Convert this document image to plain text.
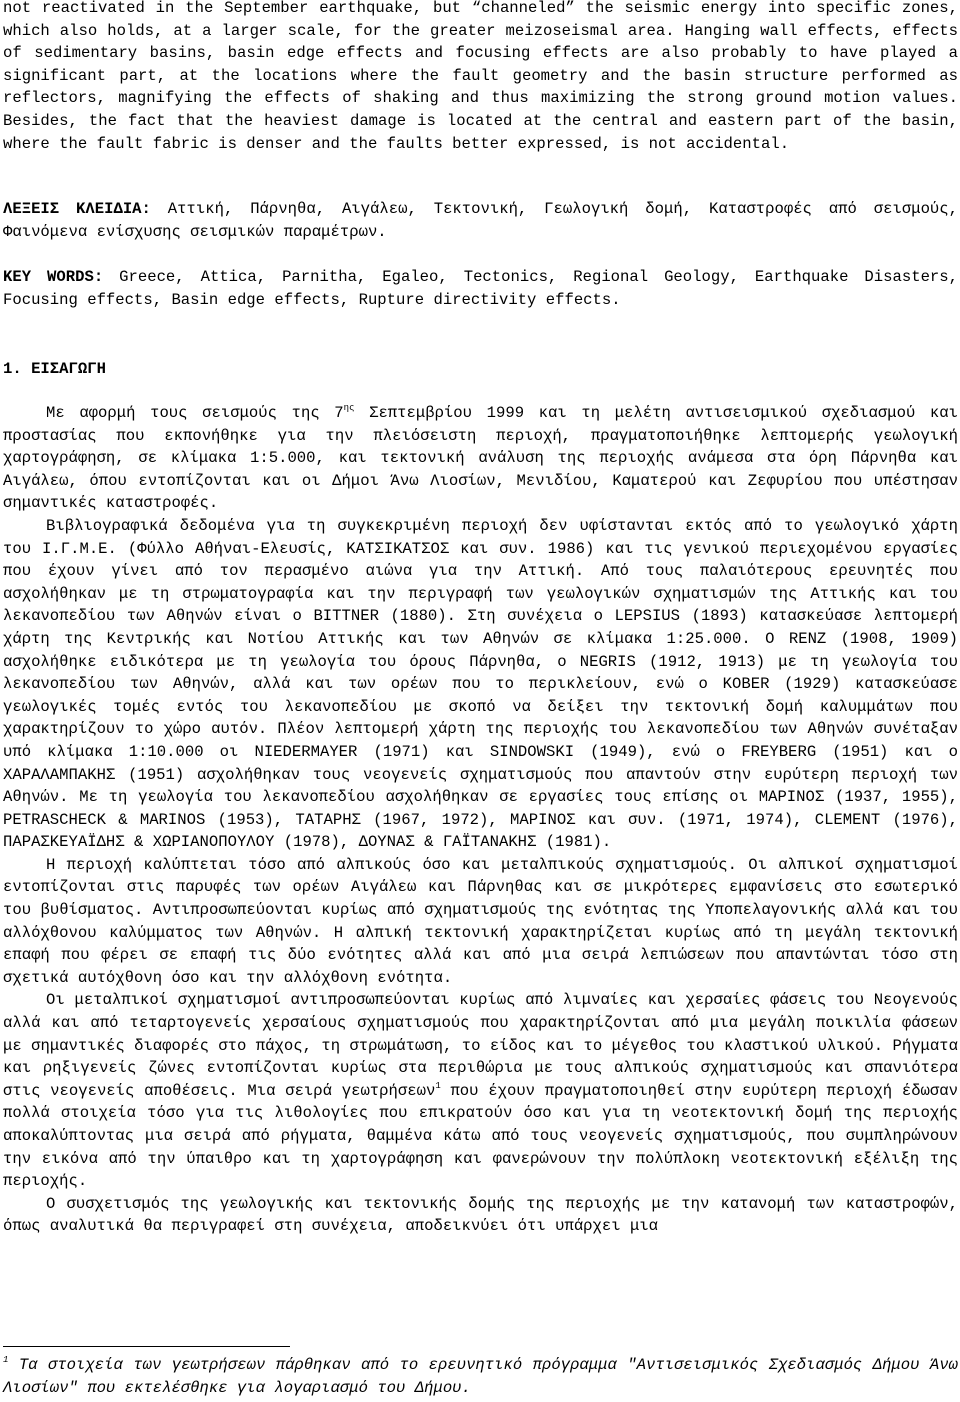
not reactivated in the September earthquake, but “channeled” the seismic energy into specific zones, which also holds, at a larger scale, for the greater meizoseismal area. Hanging wall effects, effects of sedimentary basins, basin edge effects and focusing effects are also probably to have played a significant part, at the locations where the fault geometry and the basin structure performed as reflectors, magnifying the effects of shaking and thus maximizing the strong ground motion values. Besides, the fact that the heaviest damage is located at the central and eastern part of the basin, where the fault fabric is denser and the faults better expressed, is not accidental.

ΛΕΞΕΙΣ ΚΛΕΙΔΙΑ: Αττική, Πάρνηθα, Αιγάλεω, Τεκτονική, Γεωλογική δομή, Καταστροφές από σεισμούς, Φαινόμενα ενίσχυσης σεισμικών παραμέτρων.

KEY WORDS: Greece, Attica, Parnitha, Egaleo, Tectonics, Regional Geology, Earthquake Disasters, Focusing effects, Basin edge effects, Rupture directivity effects.

1. ΕΙΣΑΓΩΓΗ

Με αφορμή τους σεισμούς της $7^{\eta\varsigma}$ Σεπτεμβρίου 1999 και τη μελέτη αντισεισμικού σχεδιασμού και προστασίας που εκπονήθηκε για την πλειόσειστη περιοχή, πραγματοποιήθηκε λεπτομερής γεωλογική χαρτογράφηση, σε κλίμακα 1:5.000, και τεκτονική ανάλυση της περιοχής ανάμεσα στα όρη Πάρνηθα και Αιγάλεω, όπου εντοπίζονται και οι Δήμοι Άνω Λιοσίων, Μενιδίου, Καματερού και Ζεφυρίου που υπέστησαν σημαντικές καταστροφές.

Βιβλιογραφικά δεδομένα για τη συγκεκριμένη περιοχή δεν υφίστανται εκτός από το γεωλογικό χάρτη του Ι.Γ.Μ.Ε. (Φύλλο Αθήναι-Ελευσίς, ΚΑΤΣΙΚΑΤΣΟΣ και συν. 1986) και τις γενικού περιεχομένου εργασίες που έχουν γίνει από τον περασμένο αιώνα για την Αττική. Από τους παλαιότερους ερευνητές που ασχολήθηκαν με τη στρωματογραφία και την περιγραφή των γεωλογικών σχηματισμών της Αττικής και του λεκανοπεδίου των Αθηνών είναι ο BITTNER (1880). Στη συνέχεια ο LEPSIUS (1893) κατασκεύασε λεπτομερή χάρτη της Κεντρικής και Νοτίου Αττικής και των Αθηνών σε κλίμακα 1:25.000. Ο RENZ (1908, 1909) ασχολήθηκε ειδικότερα με τη γεωλογία του όρους Πάρνηθα, ο NEGRIS (1912, 1913) με τη γεωλογία του λεκανοπεδίου των Αθηνών, αλλά και των ορέων που το περικλείουν, ενώ ο KOBER (1929) κατασκεύασε γεωλογικές τομές εντός του λεκανοπεδίου με σκοπό να δείξει την τεκτονική δομή καλυμμάτων που χαρακτηρίζουν το χώρο αυτόν. Πλέον λεπτομερή χάρτη της περιοχής του λεκανοπεδίου των Αθηνών συνέταξαν υπό κλίμακα 1:10.000 οι NIEDERMAYER (1971) και SINDOWSKI (1949), ενώ ο FREYBERG (1951) και ο ΧΑΡΑΛΑΜΠΑΚΗΣ (1951) ασχολήθηκαν τους νεογενείς σχηματισμούς που απαντούν στην ευρύτερη περιοχή των Αθηνών. Με τη γεωλογία του λεκανοπεδίου ασχολήθηκαν σε εργασίες τους επίσης οι ΜΑΡΙΝΟΣ (1937, 1955), PETRASCHECK & MARINOS (1953), ΤΑΤΑΡΗΣ (1967, 1972), ΜΑΡΙΝΟΣ και συν. (1971, 1974), CLEMENT (1976), ΠΑΡΑΣΚΕΥΑΪΔΗΣ & ΧΩΡΙΑΝΟΠΟΥΛΟΥ (1978), ΔΟΥΝΑΣ & ΓΑΪΤΑΝΑΚΗΣ (1981).

Η περιοχή καλύπτεται τόσο από αλπικούς όσο και μεταλπικούς σχηματισμούς. Οι αλπικοί σχηματισμοί εντοπίζονται στις παρυφές των ορέων Αιγάλεω και Πάρνηθας και σε μικρότερες εμφανίσεις στο εσωτερικό του βυθίσματος. Αντιπροσωπεύονται κυρίως από σχηματισμούς της ενότητας της Υποπελαγονικής αλλά και του αλλόχθονου καλύμματος των Αθηνών. Η αλπική τεκτονική χαρακτηρίζεται κυρίως από τη μεγάλη τεκτονική επαφή που φέρει σε επαφή τις δύο ενότητες αλλά και από μια σειρά λεπιώσεων που απαντώνται τόσο στη σχετικά αυτόχθονη όσο και την αλλόχθονη ενότητα.

Οι μεταλπικοί σχηματισμοί αντιπροσωπεύονται κυρίως από λιμναίες και χερσαίες φάσεις του Νεογενούς αλλά και από τεταρτογενείς χερσαίους σχηματισμούς που χαρακτηρίζονται από μια μεγάλη ποικιλία φάσεων με σημαντικές διαφορές στο πάχος, τη στρωμάτωση, το είδος και το μέγεθος του κλαστικού υλικού. Ρήγματα και ρηξιγενείς ζώνες εντοπίζονται κυρίως στα περιθώρια με τους αλπικούς σχηματισμούς και σπανιότερα στις νεογενείς αποθέσεις. Μια σειρά γεωτρήσεων$^1$ που έχουν πραγματοποιηθεί στην ευρύτερη περιοχή έδωσαν πολλά στοιχεία τόσο για τις λιθολογίες που επικρατούν όσο και για τη νεοτεκτονική δομή της περιοχής αποκαλύπτοντας μια σειρά από ρήγματα, θαμμένα κάτω από τους νεογενείς σχηματισμούς, που συμπληρώνουν την εικόνα από την ύπαιθρο και τη χαρτογράφηση και φανερώνουν την πολύπλοκη νεοτεκτονική εξέλιξη της περιοχής.

Ο συσχετισμός της γεωλογικής και τεκτονικής δομής της περιοχής με την κατανομή των καταστροφών, όπως αναλυτικά θα περιγραφεί στη συνέχεια, αποδεικνύει ότι υπάρχει μια

$^1$ Τα στοιχεία των γεωτρήσεων πάρθηκαν από το ερευνητικό πρόγραμμα "Αντισεισμικός Σχεδιασμός Δήμου Άνω Λιοσίων" που εκτελέσθηκε για λογαριασμό του Δήμου.
